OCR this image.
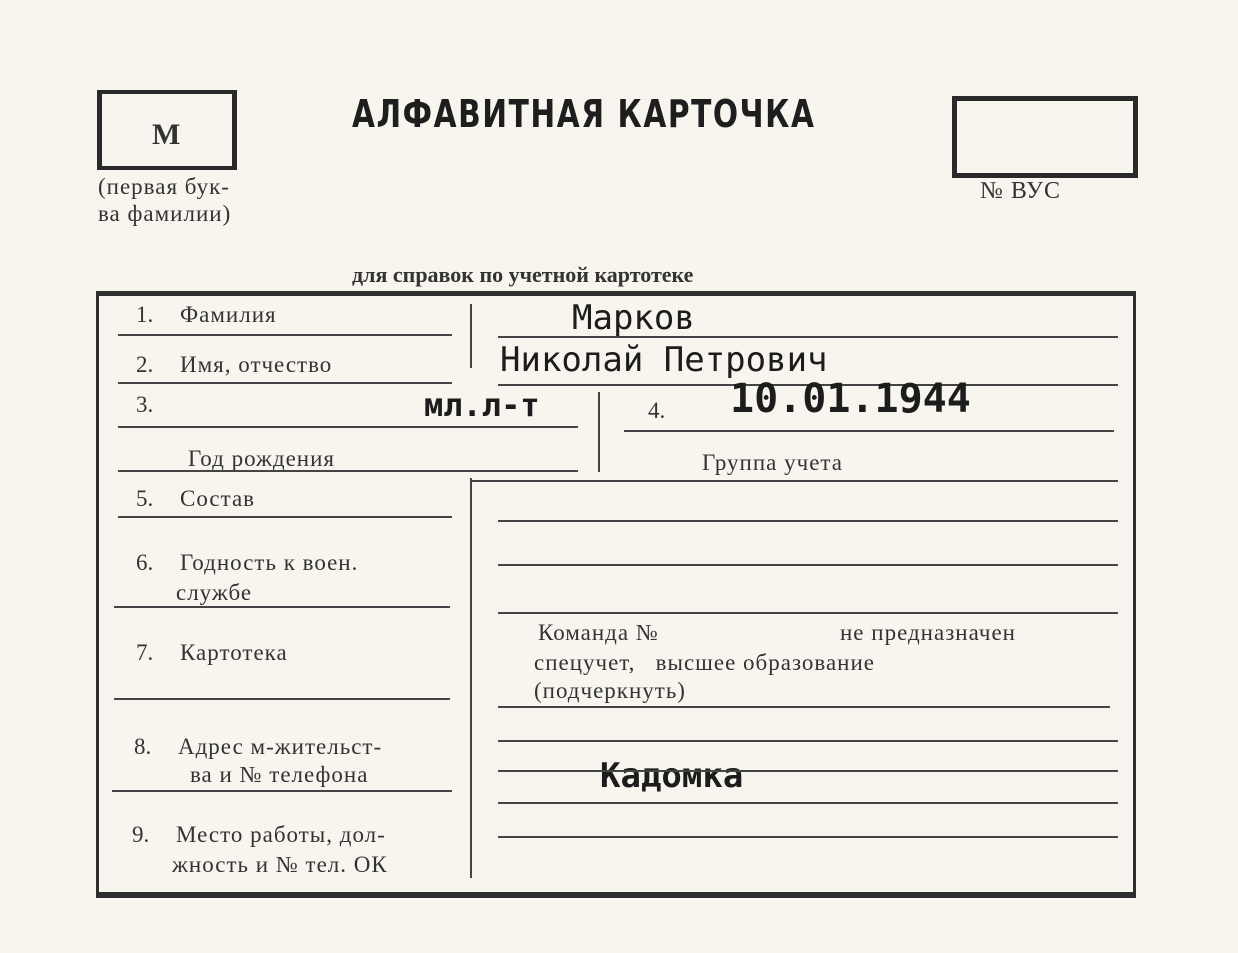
М
(первая бук-
ва фамилии)
АЛФАВИТНАЯ КАРТОЧКА
№ ВУС
для справок по учетной картотеке
1. Фамилия	Марков
2. Имя, отчество	Николай Петрович
3.	мл.л-т	4. 10.01.1944
Год рождения	Группа учета
5. Состав
6. Годность к воен.
службе
7. Картотека
Команда №	не предназначен
спецучет,   высшее образование
(подчеркнуть)
8. Адрес м-жительст-
ва и № телефона	Кадомка
9. Место работы, дол-
жность и № тел. ОК
